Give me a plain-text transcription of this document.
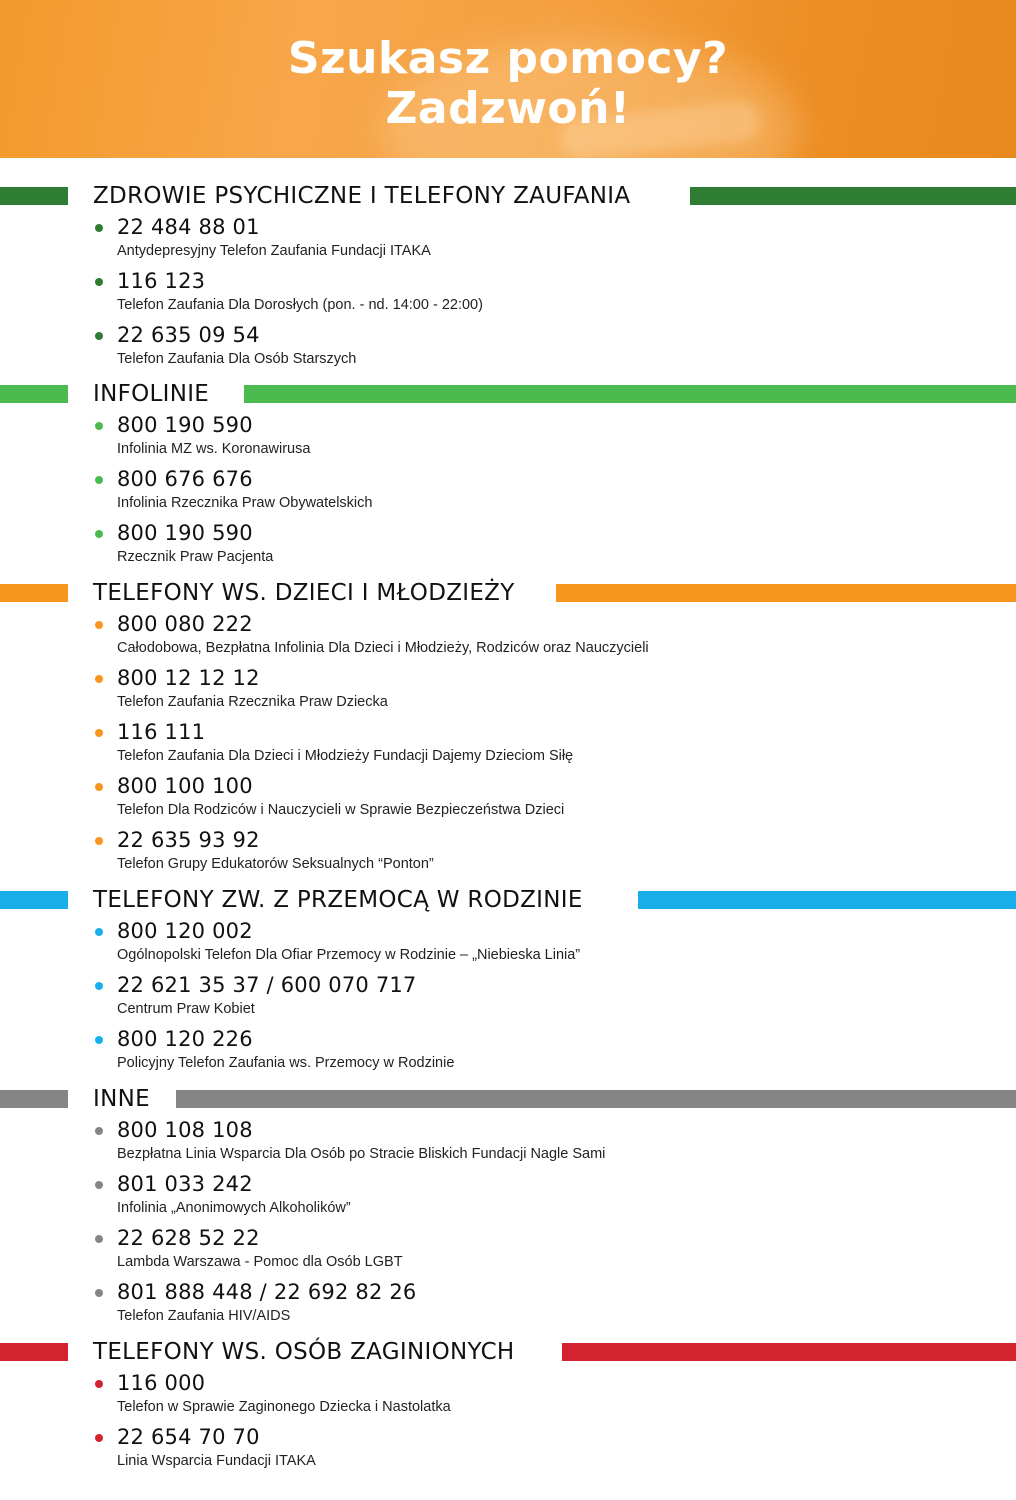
Szukasz pomocy?
Zadzwoń!
ZDROWIE PSYCHICZNE I TELEFONY ZAUFANIA
22 484 88 01
Antydepresyjny Telefon Zaufania Fundacji ITAKA
116 123
Telefon Zaufania Dla Dorosłych (pon. - nd. 14:00 - 22:00)
22 635 09 54
Telefon Zaufania Dla Osób Starszych
INFOLINIE
800 190 590
Infolinia MZ ws. Koronawirusa
800 676 676
Infolinia Rzecznika Praw Obywatelskich
800 190 590
Rzecznik Praw Pacjenta
TELEFONY WS. DZIECI I MŁODZIEŻY
800 080 222
Całodobowa, Bezpłatna Infolinia Dla Dzieci i Młodzieży, Rodziców oraz Nauczycieli
800 12 12 12
Telefon Zaufania Rzecznika Praw Dziecka
116 111
Telefon Zaufania Dla Dzieci i Młodzieży Fundacji Dajemy Dzieciom Siłę
800 100 100
Telefon Dla Rodziców i Nauczycieli w Sprawie Bezpieczeństwa Dzieci
22 635 93 92
Telefon Grupy Edukatorów Seksualnych “Ponton”
TELEFONY ZW. Z PRZEMOCĄ W RODZINIE
800 120 002
Ogólnopolski Telefon Dla Ofiar Przemocy w Rodzinie – „Niebieska Linia”
22 621 35 37 / 600 070 717
Centrum Praw Kobiet
800 120 226
Policyjny Telefon Zaufania ws. Przemocy w Rodzinie
INNE
800 108 108
Bezpłatna Linia Wsparcia Dla Osób po Stracie Bliskich Fundacji Nagle Sami
801 033 242
Infolinia „Anonimowych Alkoholików”
22 628 52 22
Lambda Warszawa - Pomoc dla Osób LGBT
801 888 448 / 22 692 82 26
Telefon Zaufania HIV/AIDS
TELEFONY WS. OSÓB ZAGINIONYCH
116 000
Telefon w Sprawie Zaginonego Dziecka i Nastolatka
22 654 70 70
Linia Wsparcia Fundacji ITAKA
